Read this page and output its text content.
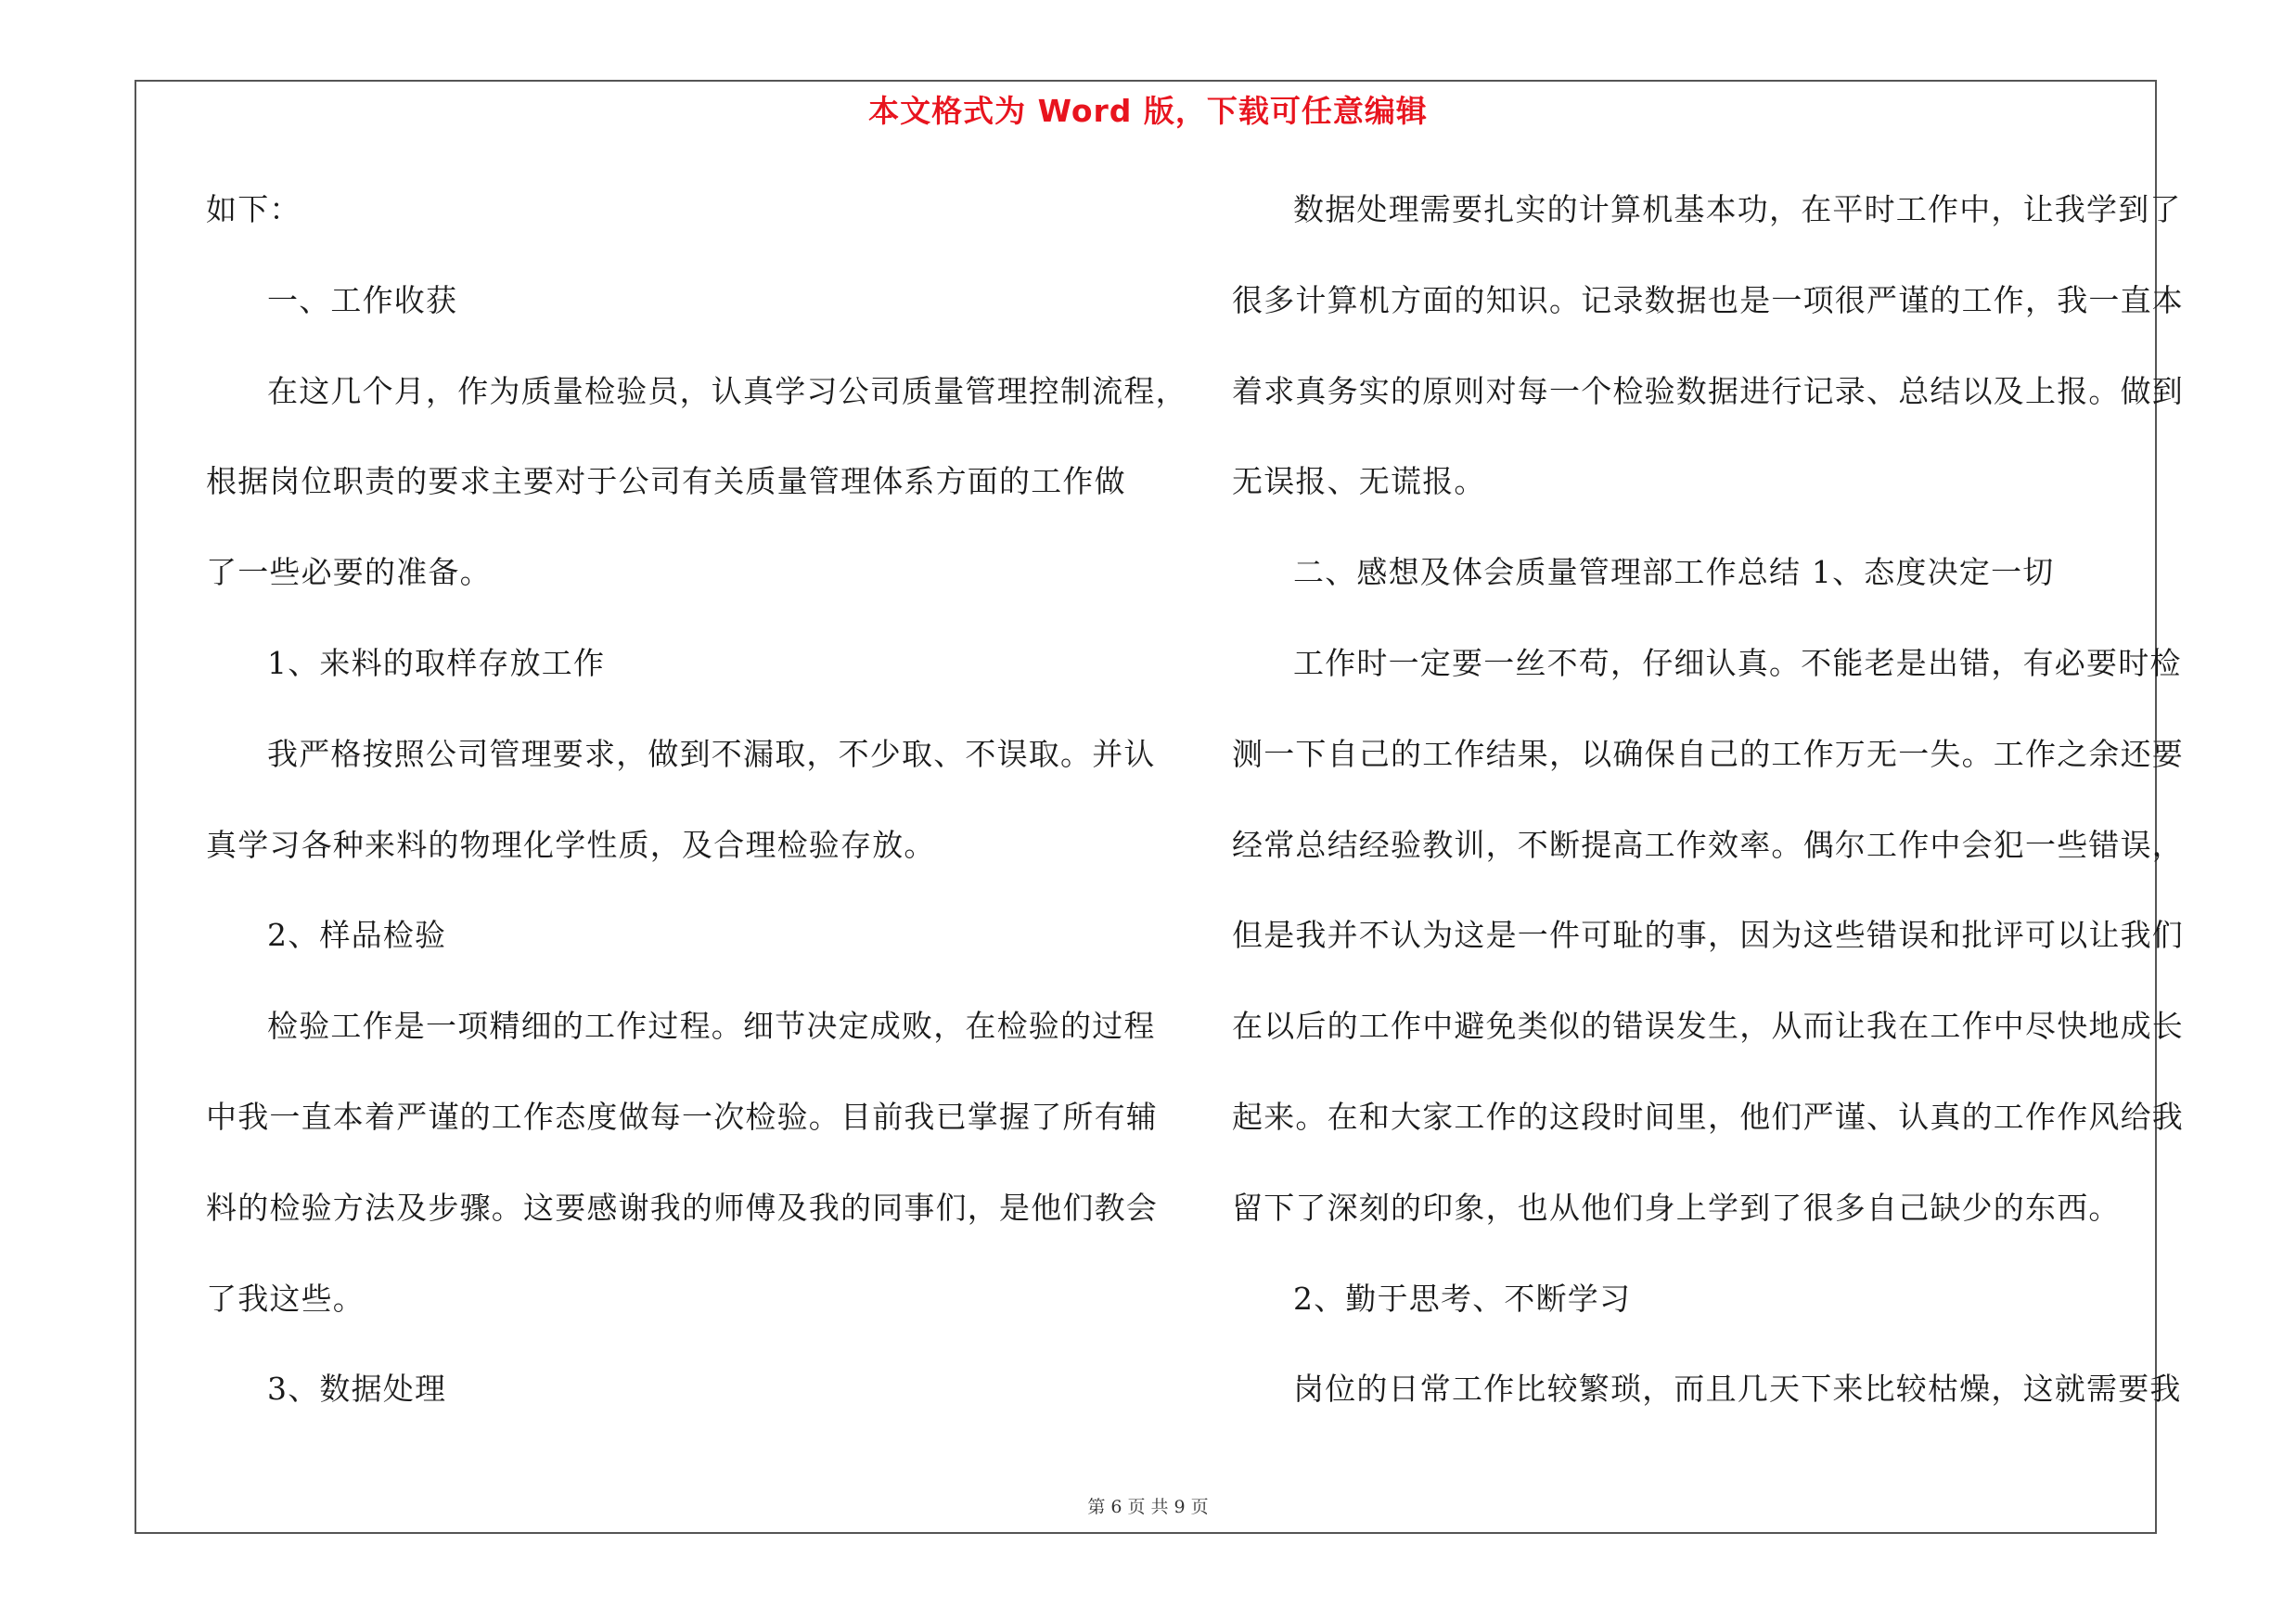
本文格式为 Word 版，下载可任意编辑
如下：
一、工作收获
在这几个月，作为质量检验员，认真学习公司质量管理控制流程，
根据岗位职责的要求主要对于公司有关质量管理体系方面的工作做
了一些必要的准备。
1、来料的取样存放工作
我严格按照公司管理要求，做到不漏取，不少取、不误取。并认
真学习各种来料的物理化学性质，及合理检验存放。
2、样品检验
检验工作是一项精细的工作过程。细节决定成败，在检验的过程
中我一直本着严谨的工作态度做每一次检验。目前我已掌握了所有辅
料的检验方法及步骤。这要感谢我的师傅及我的同事们，是他们教会
了我这些。
3、数据处理
数据处理需要扎实的计算机基本功，在平时工作中，让我学到了
很多计算机方面的知识。记录数据也是一项很严谨的工作，我一直本
着求真务实的原则对每一个检验数据进行记录、总结以及上报。做到
无误报、无谎报。
二、感想及体会质量管理部工作总结 1、态度决定一切
工作时一定要一丝不苟，仔细认真。不能老是出错，有必要时检
测一下自己的工作结果，以确保自己的工作万无一失。工作之余还要
经常总结经验教训，不断提高工作效率。偶尔工作中会犯一些错误，
但是我并不认为这是一件可耻的事，因为这些错误和批评可以让我们
在以后的工作中避免类似的错误发生，从而让我在工作中尽快地成长
起来。在和大家工作的这段时间里，他们严谨、认真的工作作风给我
留下了深刻的印象，也从他们身上学到了很多自己缺少的东西。
2、勤于思考、不断学习
岗位的日常工作比较繁琐，而且几天下来比较枯燥，这就需要我
第 6 页 共 9 页
